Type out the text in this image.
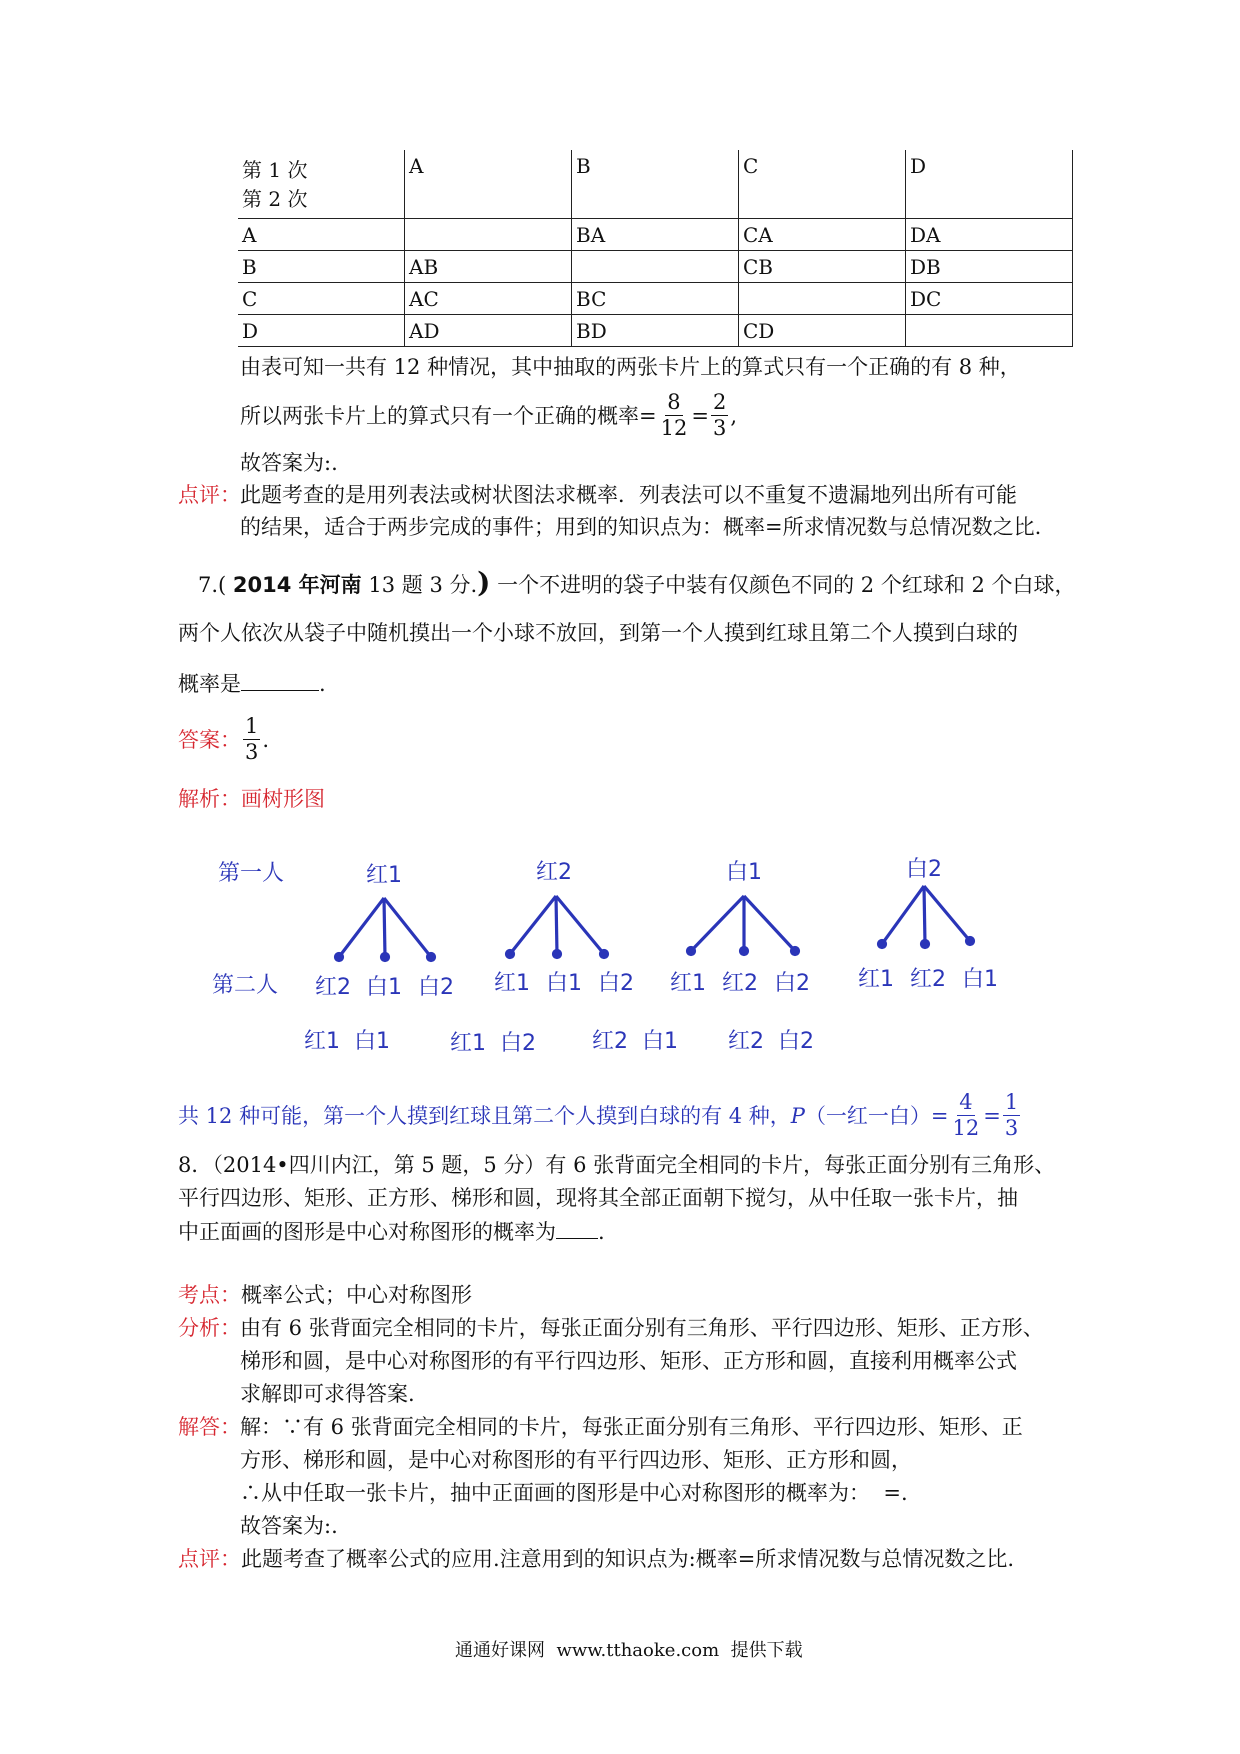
第 1 次
第 2 次	A	B	C	D
A		BA	CA	DA
B	AB		CB	DB
C	AC	BC		DC
D	AD	BD	CD	
由表可知一共有 12 种情况，其中抽取的两张卡片上的算式只有一个正确的有 8 种，
所以两张卡片上的算式只有一个正确的概率= $\frac{8}{12} = \frac{2}{3}$ ,
故答案为:.
点评： 此题考查的是用列表法或树状图法求概率．列表法可以不重复不遗漏地列出所有可能
的结果，适合于两步完成的事件；用到的知识点为：概率=所求情况数与总情况数之比.
7.( 2014 年河南 13 题 3 分.) 一个不进明的袋子中装有仅颜色不同的 2 个红球和 2 个白球，
两个人依次从袋子中随机摸出一个小球不放回，到第一个人摸到红球且第二个人摸到白球的
概率是	.
答案： $\frac{1}{3}$ .
解析：画树形图
第一人
第二人
红1	红2	白1	白2
红2 白1 白2 红1 白1 白2 红1 红2 白2 红1 红2 白1
红1  白1	红1  白2	红2  白1 红2  白2
共 12 种可能，第一个人摸到红球且第二个人摸到白球的有 4 种， P （一红一白）= $\frac{4}{12} = \frac{1}{3}$
8．（2014•四川内江，第 5 题，5 分）有 6 张背面完全相同的卡片，每张正面分别有三角形、
平行四边形、矩形、正方形、梯形和圆，现将其全部正面朝下搅匀，从中任取一张卡片，抽
中正面画的图形是中心对称图形的概率为 .
考点：概率公式；中心对称图形
分析： 由有 6 张背面完全相同的卡片，每张正面分别有三角形、平行四边形、矩形、正方形、
梯形和圆，是中心对称图形的有平行四边形、矩形、正方形和圆，直接利用概率公式
求解即可求得答案.
解答： 解：∵有 6 张背面完全相同的卡片，每张正面分别有三角形、平行四边形、矩形、正
方形、梯形和圆，是中心对称图形的有平行四边形、矩形、正方形和圆，
∴从中任取一张卡片，抽中正面画的图形是中心对称图形的概率为：  =.
故答案为:.
点评：此题考查了概率公式的应用.注意用到的知识点为:概率=所求情况数与总情况数之比.
通通好课网  www.tthaoke.com  提供下载
